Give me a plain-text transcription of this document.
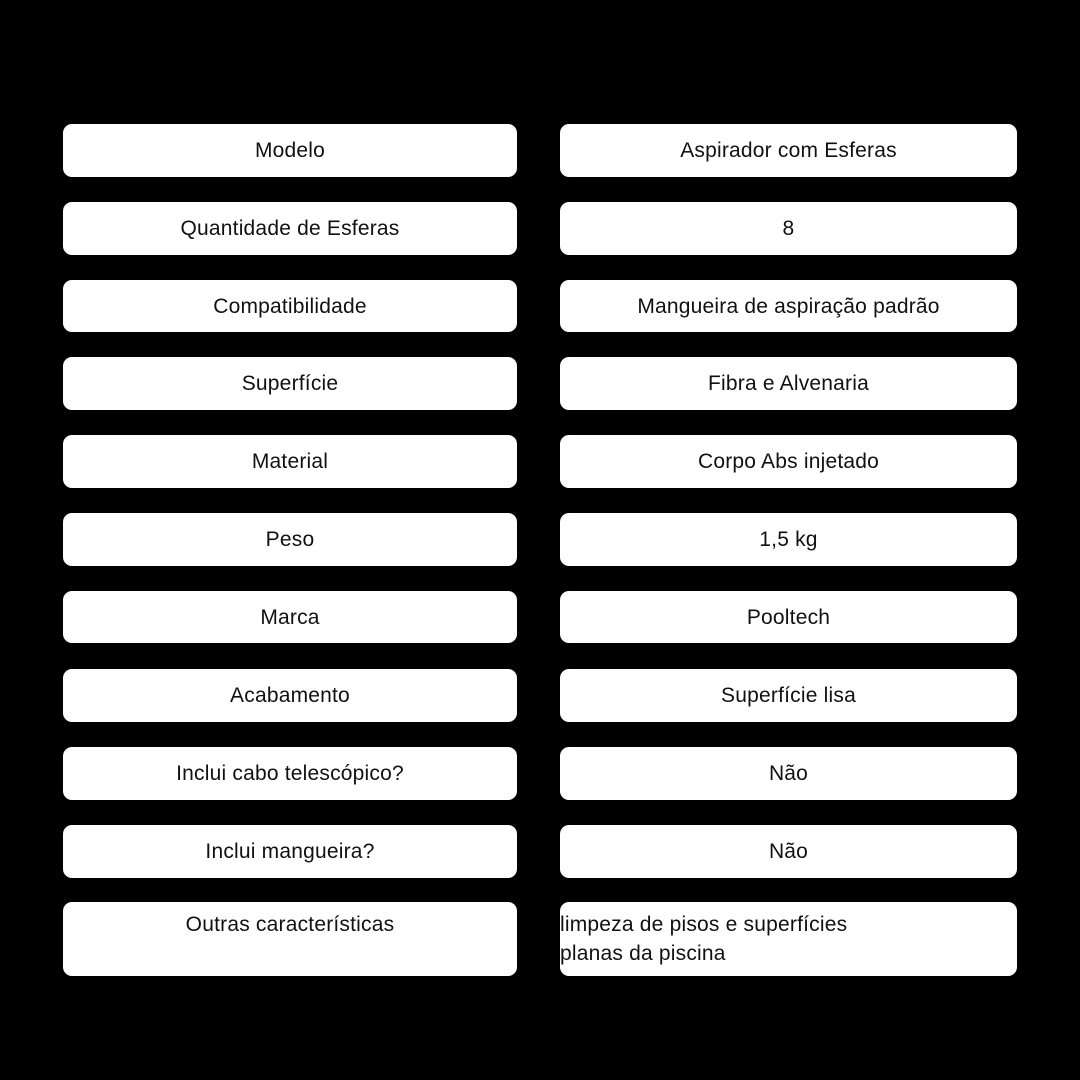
Modelo	Aspirador com Esferas
Quantidade de Esferas	8
Compatibilidade	Mangueira de aspiração padrão
Superfície	Fibra e Alvenaria
Material	Corpo Abs injetado
Peso	1,5 kg
Marca	Pooltech
Acabamento	Superfície lisa
Inclui cabo telescópico?	Não
Inclui mangueira?	Não
Outras características	limpeza de pisos e superfícies
planas da piscina
